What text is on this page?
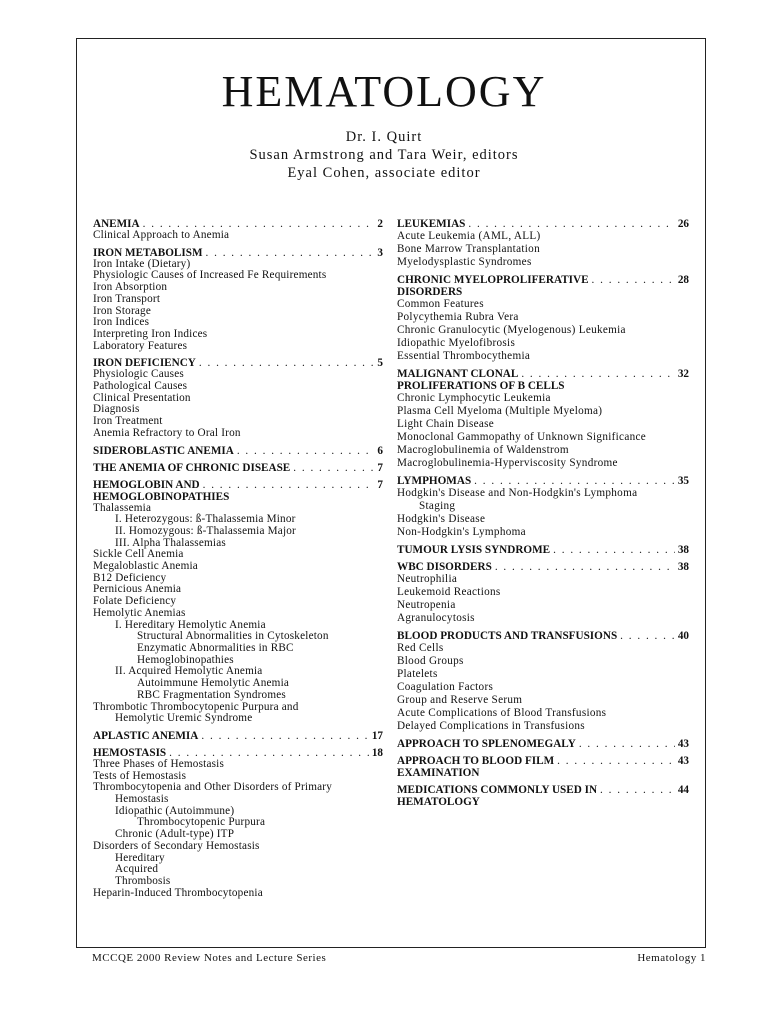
HEMATOLOGY
Dr. I. Quirt
Susan Armstrong and Tara Weir, editors
Eyal Cohen, associate editor
ANEMIA . . .	2
Clinical Approach to Anemia
IRON METABOLISM . . .	3
Iron Intake (Dietary)
Physiologic Causes of Increased Fe Requirements
Iron Absorption
Iron Transport
Iron Storage
Iron Indices
Interpreting Iron Indices
Laboratory Features
IRON DEFICIENCY . . .	5
Physiologic Causes
Pathological Causes
Clinical Presentation
Diagnosis
Iron Treatment
Anemia Refractory to Oral Iron
SIDEROBLASTIC ANEMIA . . .	6
THE ANEMIA OF CHRONIC DISEASE . . .	7
HEMOGLOBIN AND . . .	7
HEMOGLOBINOPATHIES
Thalassemia
I. Heterozygous: ß-Thalassemia Minor
II. Homozygous: ß-Thalassemia Major
III. Alpha Thalassemias
Sickle Cell Anemia
Megaloblastic Anemia
B12 Deficiency
Pernicious Anemia
Folate Deficiency
Hemolytic Anemias
I. Hereditary Hemolytic Anemia
Structural Abnormalities in Cytoskeleton
Enzymatic Abnormalities in RBC
Hemoglobinopathies
II. Acquired Hemolytic Anemia
Autoimmune Hemolytic Anemia
RBC Fragmentation Syndromes
Thrombotic Thrombocytopenic Purpura and
Hemolytic Uremic Syndrome
APLASTIC ANEMIA . . .	17
HEMOSTASIS . . .	18
Three Phases of Hemostasis
Tests of Hemostasis
Thrombocytopenia and Other Disorders of Primary
Hemostasis
Idiopathic (Autoimmune)
Thrombocytopenic Purpura
Chronic (Adult-type) ITP
Disorders of Secondary Hemostasis
Hereditary
Acquired
Thrombosis
Heparin-Induced Thrombocytopenia
LEUKEMIAS . . .	26
Acute Leukemia (AML, ALL)
Bone Marrow Transplantation
Myelodysplastic Syndromes
CHRONIC MYELOPROLIFERATIVE . . .	28
DISORDERS
Common Features
Polycythemia Rubra Vera
Chronic Granulocytic (Myelogenous) Leukemia
Idiopathic Myelofibrosis
Essential Thrombocythemia
MALIGNANT CLONAL . . .	32
PROLIFERATIONS OF B CELLS
Chronic Lymphocytic Leukemia
Plasma Cell Myeloma (Multiple Myeloma)
Light Chain Disease
Monoclonal Gammopathy of Unknown Significance
Macroglobulinemia of Waldenstrom
Macroglobulinemia-Hyperviscosity Syndrome
LYMPHOMAS . . .	35
Hodgkin's Disease and Non-Hodgkin's Lymphoma
Staging
Hodgkin's Disease
Non-Hodgkin's Lymphoma
TUMOUR LYSIS SYNDROME . . .	38
WBC DISORDERS . . .	38
Neutrophilia
Leukemoid Reactions
Neutropenia
Agranulocytosis
BLOOD PRODUCTS AND TRANSFUSIONS . . .	40
Red Cells
Blood Groups
Platelets
Coagulation Factors
Group and Reserve Serum
Acute Complications of Blood Transfusions
Delayed Complications in Transfusions
APPROACH TO SPLENOMEGALY . . .	43
APPROACH TO BLOOD FILM . . .	43
EXAMINATION
MEDICATIONS COMMONLY USED IN . . .	44
HEMATOLOGY
MCCQE 2000 Review Notes and Lecture Series	Hematology 1
